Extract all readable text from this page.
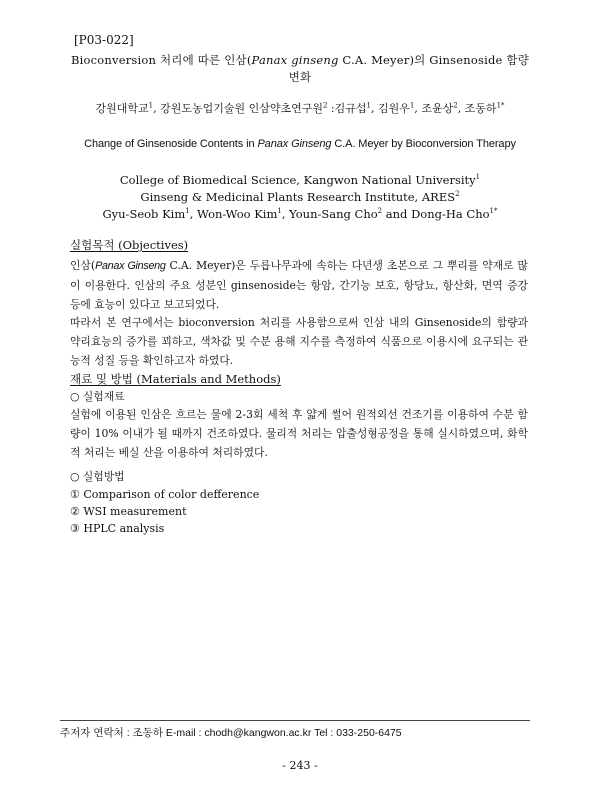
[P03-022]
Bioconversion 처리에 따른 인삼(Panax ginseng C.A. Meyer)의 Ginsenoside 함량
변화
강원대학교$^1$, 강원도농업기술원 인삼약초연구원$^2$ :김규섭$^1$, 김원우$^1$, 조윤상$^2$, 조동하$^{1*}$
Change of Ginsenoside Contents in Panax Ginseng C.A. Meyer by Bioconversion Therapy
College of Biomedical Science, Kangwon National University$^1$
Ginseng & Medicinal Plants Research Institute, ARES$^2$
Gyu-Seob Kim$^1$, Won-Woo Kim$^1$, Youn-Sang Cho$^2$ and Dong-Ha Cho$^{1*}$
실험목적 (Objectives)
인삼(Panax Ginseng C.A. Meyer)은 두릅나무과에 속하는 다년생 초본으로 그 뿌리를 약재로 많이 이용한다. 인삼의 주요 성분인 ginsenoside는 항암, 간기능 보호, 항당뇨, 항산화, 면역 증강 등에 효능이 있다고 보고되었다.
따라서 본 연구에서는 bioconversion 처리를 사용함으로써 인삼 내의 Ginsenoside의 함량과 약리효능의 증가를 꾀하고, 색차값 및 수분 용해 지수를 측정하여 식품으로 이용시에 요구되는 관능적 성질 등을 확인하고자 하였다.
재료 및 방법 (Materials and Methods)
○ 실험재료
실험에 이용된 인삼은 흐르는 물에 2-3회 세척 후 얇게 썰어 원적외선 건조기를 이용하여 수분 함량이 10% 이내가 될 때까지 건조하였다. 물리적 처리는 압출성형공정을 통해 실시하였으며, 화학적 처리는 베실 산을 이용하여 처리하였다.
○ 실험방법
① Comparison of color defference
② WSI measurement
③ HPLC analysis
주저자 연락처 : 조동하 E-mail : chodh@kangwon.ac.kr Tel : 033-250-6475
- 243 -
